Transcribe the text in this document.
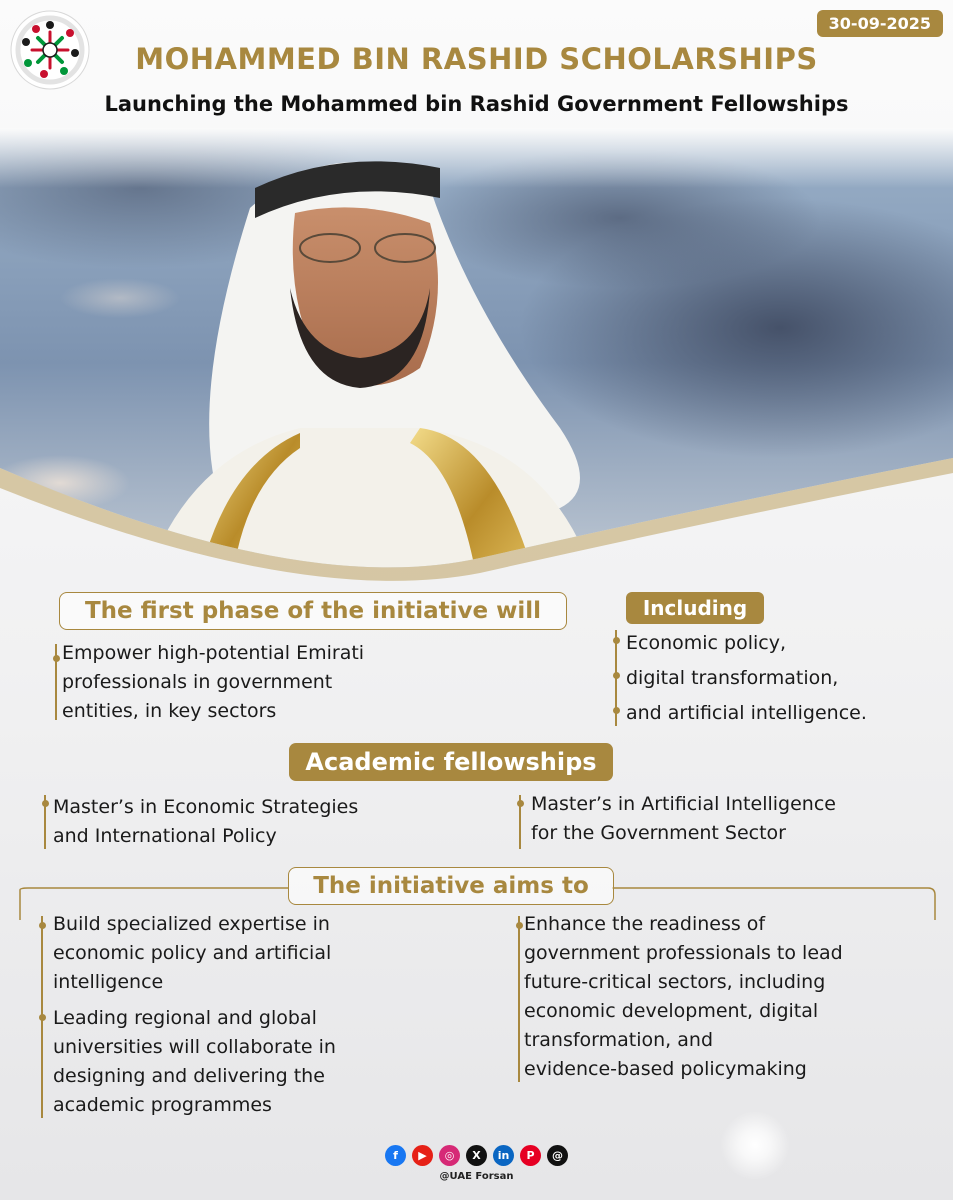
30-09-2025
MOHAMMED BIN RASHID SCHOLARSHIPS
Launching the Mohammed bin Rashid Government Fellowships
The first phase of the initiative will
Empower high-potential Emirati
professionals in government
entities, in key sectors
Including
Economic policy,
digital transformation,
and artificial intelligence.
Academic fellowships
Master’s in Economic Strategies
and International Policy
Master’s in Artificial Intelligence
for the Government Sector
The initiative aims to
Build specialized expertise in
economic policy and artificial
intelligence
Leading regional and global
universities will collaborate in
designing and delivering the
academic programmes
Enhance the readiness of
government professionals to lead
future-critical sectors, including
economic development, digital
transformation, and
evidence-based policymaking
f	▶	◎	X	in	P	@
@UAE Forsan
